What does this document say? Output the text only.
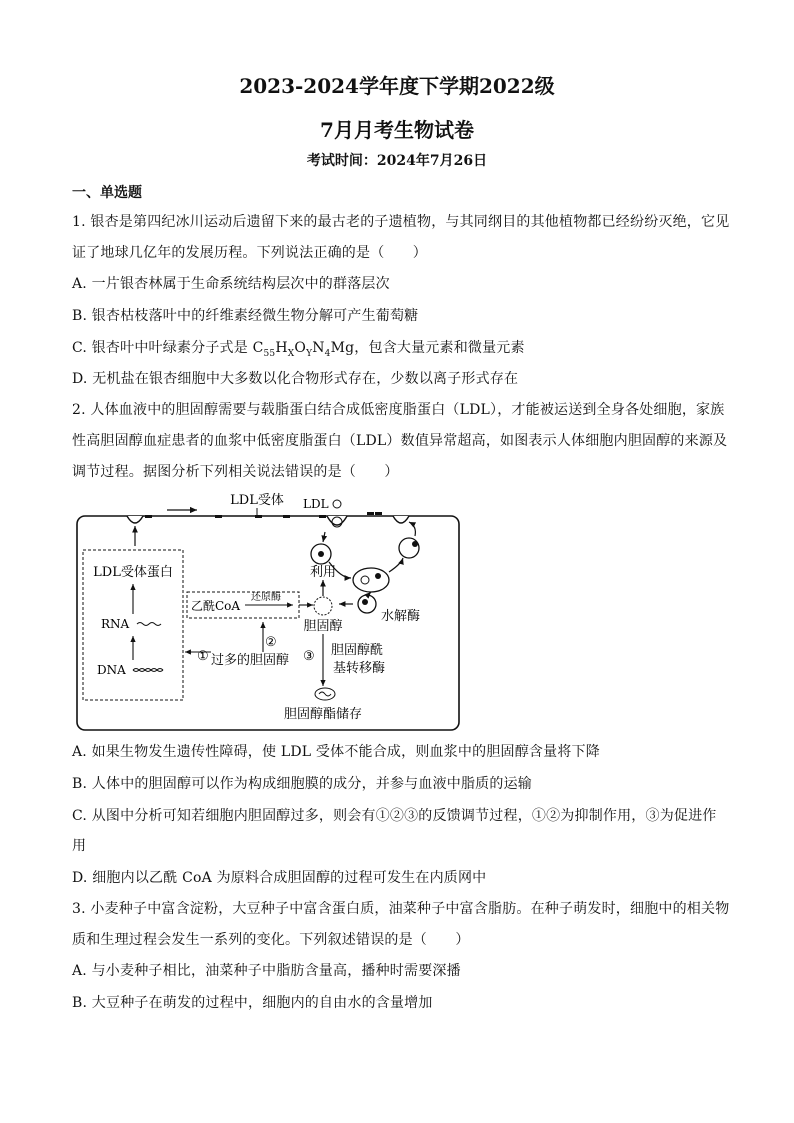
2023-2024学年度下学期2022级
7月月考生物试卷
考试时间：2024年7月26日
一、单选题
1. 银杏是第四纪冰川运动后遗留下来的最古老的子遗植物，与其同纲目的其他植物都已经纷纷灭绝，它见
证了地球几亿年的发展历程。下列说法正确的是（　　）
A. 一片银杏林属于生命系统结构层次中的群落层次
B. 银杏枯枝落叶中的纤维素经微生物分解可产生葡萄糖
C. 银杏叶中叶绿素分子式是 $C_{55}H_XO_YN_4Mg$，包含大量元素和微量元素
D. 无机盐在银杏细胞中大多数以化合物形式存在，少数以离子形式存在
2. 人体血液中的胆固醇需要与载脂蛋白结合成低密度脂蛋白（LDL），才能被运送到全身各处细胞，家族
性高胆固醇血症患者的血浆中低密度脂蛋白（LDL）数值异常超高，如图表示人体细胞内胆固醇的来源及
调节过程。据图分析下列相关说法错误的是（　　）
LDL受体 LDL
水解酶
胆固醇
利用
LDL受体蛋白
RNA
DNA
乙酰CoA
还原酶
过多的胆固醇
①
②
③ 胆固醇酰
基转移酶
胆固醇酯储存
A. 如果生物发生遗传性障碍，使 LDL 受体不能合成，则血浆中的胆固醇含量将下降
B. 人体中的胆固醇可以作为构成细胞膜的成分，并参与血液中脂质的运输
C. 从图中分析可知若细胞内胆固醇过多，则会有①②③的反馈调节过程，①②为抑制作用，③为促进作
用
D. 细胞内以乙酰 CoA 为原料合成胆固醇的过程可发生在内质网中
3. 小麦种子中富含淀粉，大豆种子中富含蛋白质，油菜种子中富含脂肪。在种子萌发时，细胞中的相关物
质和生理过程会发生一系列的变化。下列叙述错误的是（　　）
A. 与小麦种子相比，油菜种子中脂肪含量高，播种时需要深播
B. 大豆种子在萌发的过程中，细胞内的自由水的含量增加
